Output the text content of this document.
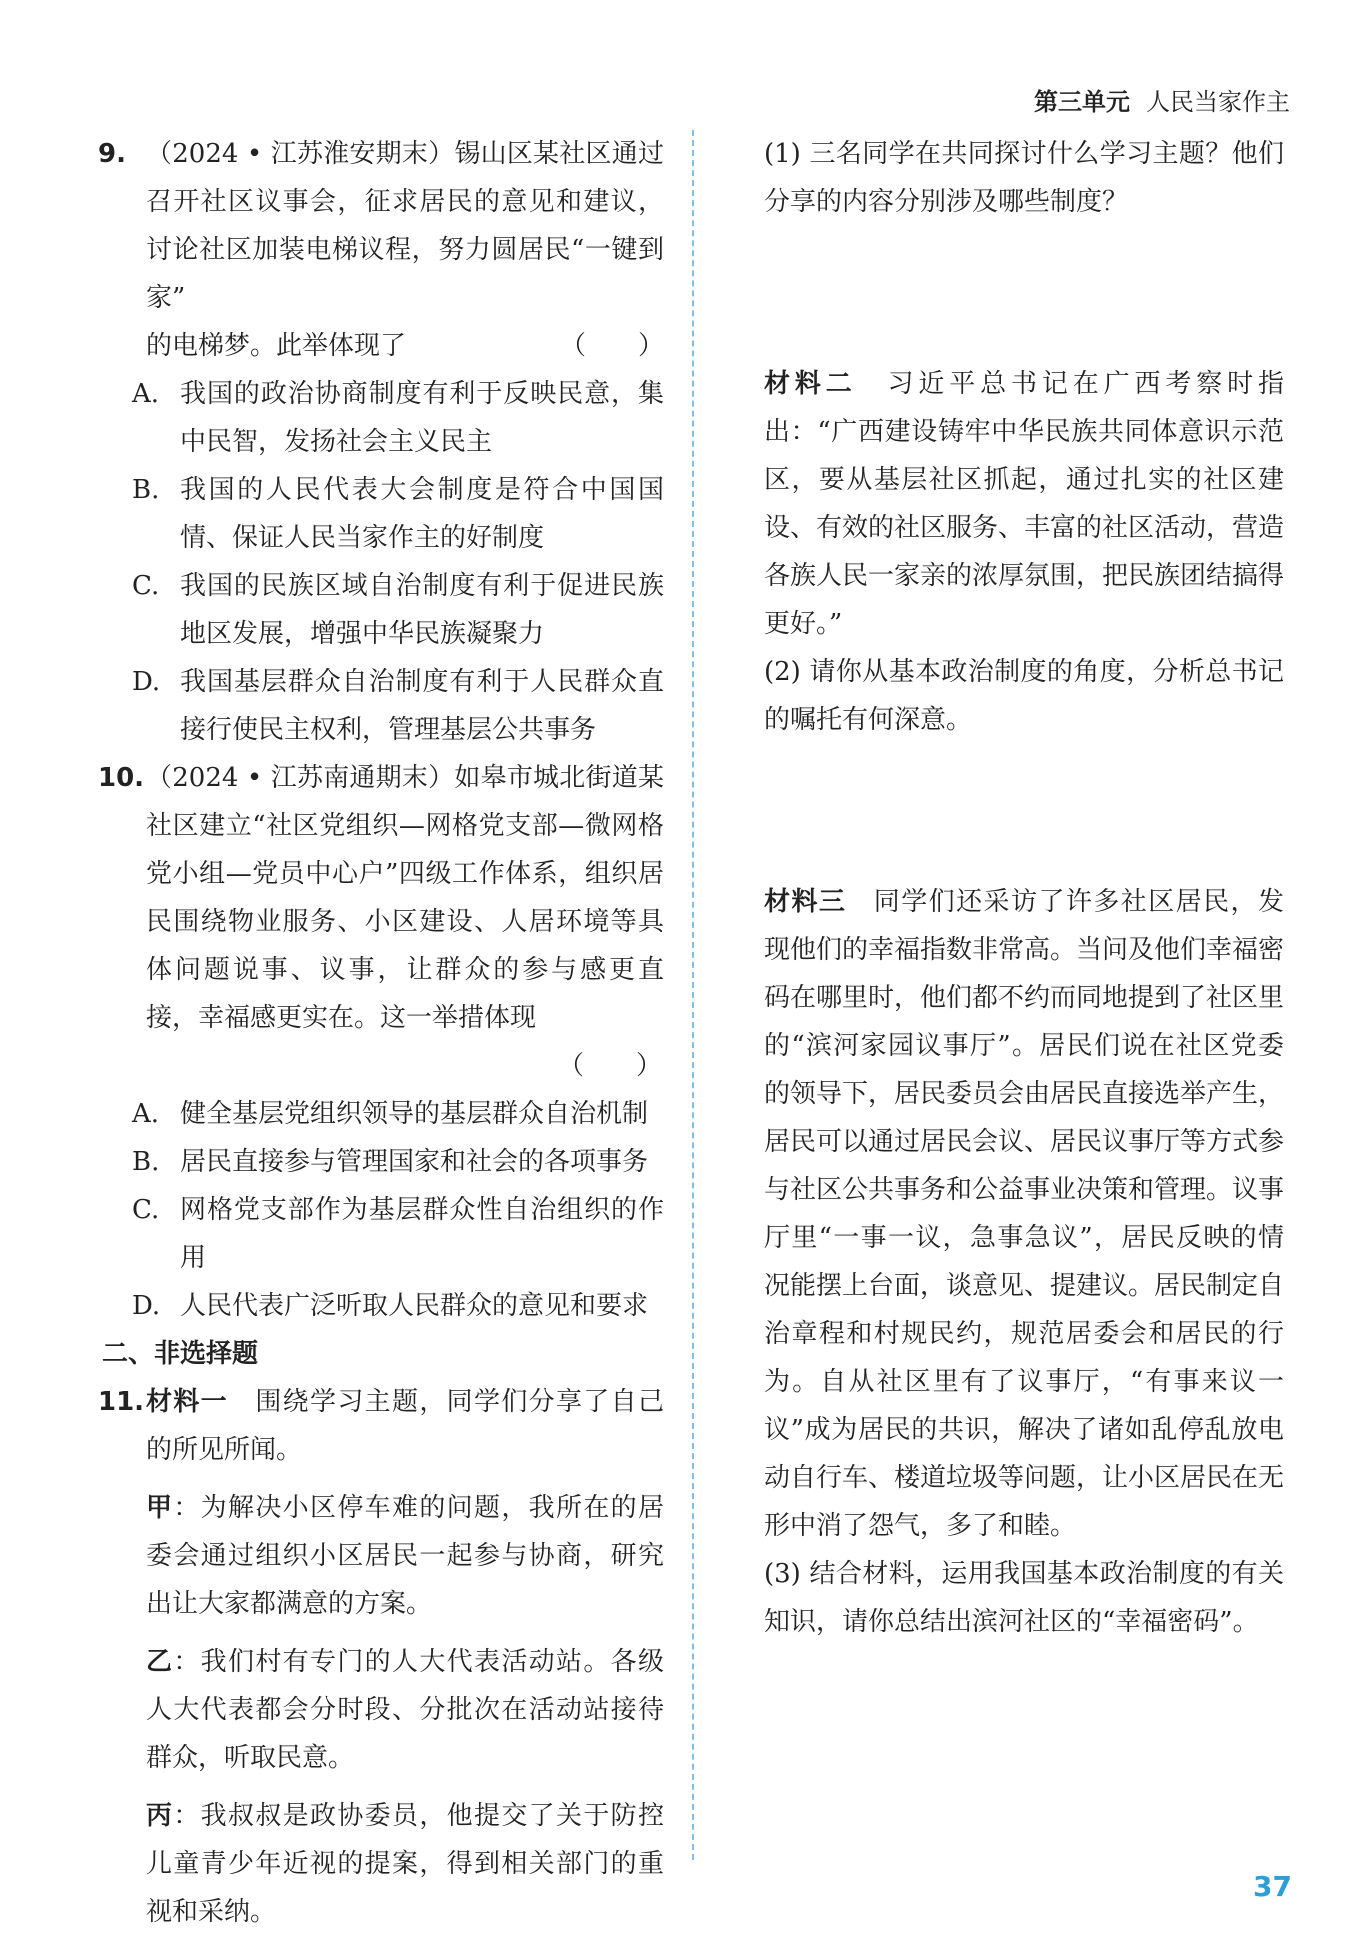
第三单元 人民当家作主
9. （2024 • 江苏淮安期末）锡山区某社区通过召开社区议事会，征求居民的意见和建议，讨论社区加装电梯议程，努力圆居民“一键到家”
的电梯梦。此举体现了	（　　）
A. 我国的政治协商制度有利于反映民意，集中民智，发扬社会主义民主
B. 我国的人民代表大会制度是符合中国国情、保证人民当家作主的好制度
C. 我国的民族区域自治制度有利于促进民族地区发展，增强中华民族凝聚力
D. 我国基层群众自治制度有利于人民群众直接行使民主权利，管理基层公共事务
10. （2024 • 江苏南通期末）如皋市城北街道某社区建立“社区党组织—网格党支部—微网格党小组—党员中心户”四级工作体系，组织居民围绕物业服务、小区建设、人居环境等具体问题说事、议事，让群众的参与感更直接，幸福感更实在。这一举措体现
（　　）
A. 健全基层党组织领导的基层群众自治机制
B. 居民直接参与管理国家和社会的各项事务
C. 网格党支部作为基层群众性自治组织的作用
D. 人民代表广泛听取人民群众的意见和要求
二、非选择题
11. 材料一　围绕学习主题，同学们分享了自己的所见所闻。
甲：为解决小区停车难的问题，我所在的居委会通过组织小区居民一起参与协商，研究出让大家都满意的方案。
乙：我们村有专门的人大代表活动站。各级人大代表都会分时段、分批次在活动站接待群众，听取民意。
丙：我叔叔是政协委员，他提交了关于防控儿童青少年近视的提案，得到相关部门的重视和采纳。
(1) 三名同学在共同探讨什么学习主题？他们分享的内容分别涉及哪些制度？
材料二　习近平总书记在广西考察时指出：“广西建设铸牢中华民族共同体意识示范区，要从基层社区抓起，通过扎实的社区建设、有效的社区服务、丰富的社区活动，营造各族人民一家亲的浓厚氛围，把民族团结搞得更好。”
(2) 请你从基本政治制度的角度，分析总书记的嘱托有何深意。
材料三　同学们还采访了许多社区居民，发现他们的幸福指数非常高。当问及他们幸福密码在哪里时，他们都不约而同地提到了社区里的“滨河家园议事厅”。居民们说在社区党委的领导下，居民委员会由居民直接选举产生，居民可以通过居民会议、居民议事厅等方式参与社区公共事务和公益事业决策和管理。议事厅里“一事一议，急事急议”，居民反映的情况能摆上台面，谈意见、提建议。居民制定自治章程和村规民约，规范居委会和居民的行为。自从社区里有了议事厅，“有事来议一议”成为居民的共识，解决了诸如乱停乱放电动自行车、楼道垃圾等问题，让小区居民在无形中消了怨气，多了和睦。
(3) 结合材料，运用我国基本政治制度的有关知识，请你总结出滨河社区的“幸福密码”。
37
